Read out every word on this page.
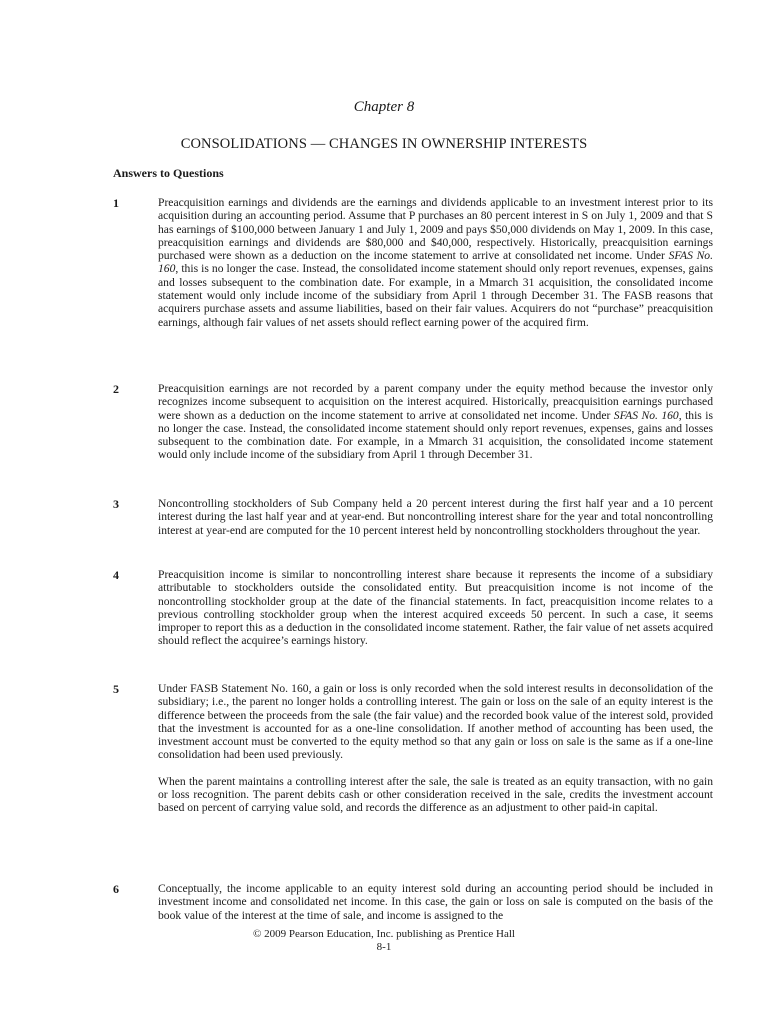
Chapter 8
CONSOLIDATIONS — CHANGES IN OWNERSHIP INTERESTS
Answers to Questions
1	Preacquisition earnings and dividends are the earnings and dividends applicable to an investment interest prior to its acquisition during an accounting period. Assume that P purchases an 80 percent interest in S on July 1, 2009 and that S has earnings of $100,000 between January 1 and July 1, 2009 and pays $50,000 dividends on May 1, 2009. In this case, preacquisition earnings and dividends are $80,000 and $40,000, respectively. Historically, preacquisition earnings purchased were shown as a deduction on the income statement to arrive at consolidated net income. Under SFAS No. 160, this is no longer the case. Instead, the consolidated income statement should only report revenues, expenses, gains and losses subsequent to the combination date. For example, in a Mmarch 31 acquisition, the consolidated income statement would only include income of the subsidiary from April 1 through December 31. The FASB reasons that acquirers purchase assets and assume liabilities, based on their fair values. Acquirers do not “purchase” preacquisition earnings, although fair values of net assets should reflect earning power of the acquired firm.

2	Preacquisition earnings are not recorded by a parent company under the equity method because the investor only recognizes income subsequent to acquisition on the interest acquired. Historically, preacquisition earnings purchased were shown as a deduction on the income statement to arrive at consolidated net income. Under SFAS No. 160, this is no longer the case. Instead, the consolidated income statement should only report revenues, expenses, gains and losses subsequent to the combination date. For example, in a Mmarch 31 acquisition, the consolidated income statement would only include income of the subsidiary from April 1 through December 31.

3	Noncontrolling stockholders of Sub Company held a 20 percent interest during the first half year and a 10 percent interest during the last half year and at year-end. But noncontrolling interest share for the year and total noncontrolling interest at year-end are computed for the 10 percent interest held by noncontrolling stockholders throughout the year.

4	Preacquisition income is similar to noncontrolling interest share because it represents the income of a subsidiary attributable to stockholders outside the consolidated entity. But preacquisition income is not income of the noncontrolling stockholder group at the date of the financial statements. In fact, preacquisition income relates to a previous controlling stockholder group when the interest acquired exceeds 50 percent. In such a case, it seems improper to report this as a deduction in the consolidated income statement. Rather, the fair value of net assets acquired should reflect the acquiree’s earnings history.

5	Under FASB Statement No. 160, a gain or loss is only recorded when the sold interest results in deconsolidation of the subsidiary; i.e., the parent no longer holds a controlling interest. The gain or loss on the sale of an equity interest is the difference between the proceeds from the sale (the fair value) and the recorded book value of the interest sold, provided that the investment is accounted for as a one-line consolidation. If another method of accounting has been used, the investment account must be converted to the equity method so that any gain or loss on sale is the same as if a one-line consolidation had been used previously.

When the parent maintains a controlling interest after the sale, the sale is treated as an equity transaction, with no gain or loss recognition. The parent debits cash or other consideration received in the sale, credits the investment account based on percent of carrying value sold, and records the difference as an adjustment to other paid-in capital.

6	Conceptually, the income applicable to an equity interest sold during an accounting period should be included in investment income and consolidated net income. In this case, the gain or loss on sale is computed on the basis of the book value of the interest at the time of sale, and income is assigned to the

© 2009 Pearson Education, Inc. publishing as Prentice Hall
8-1
